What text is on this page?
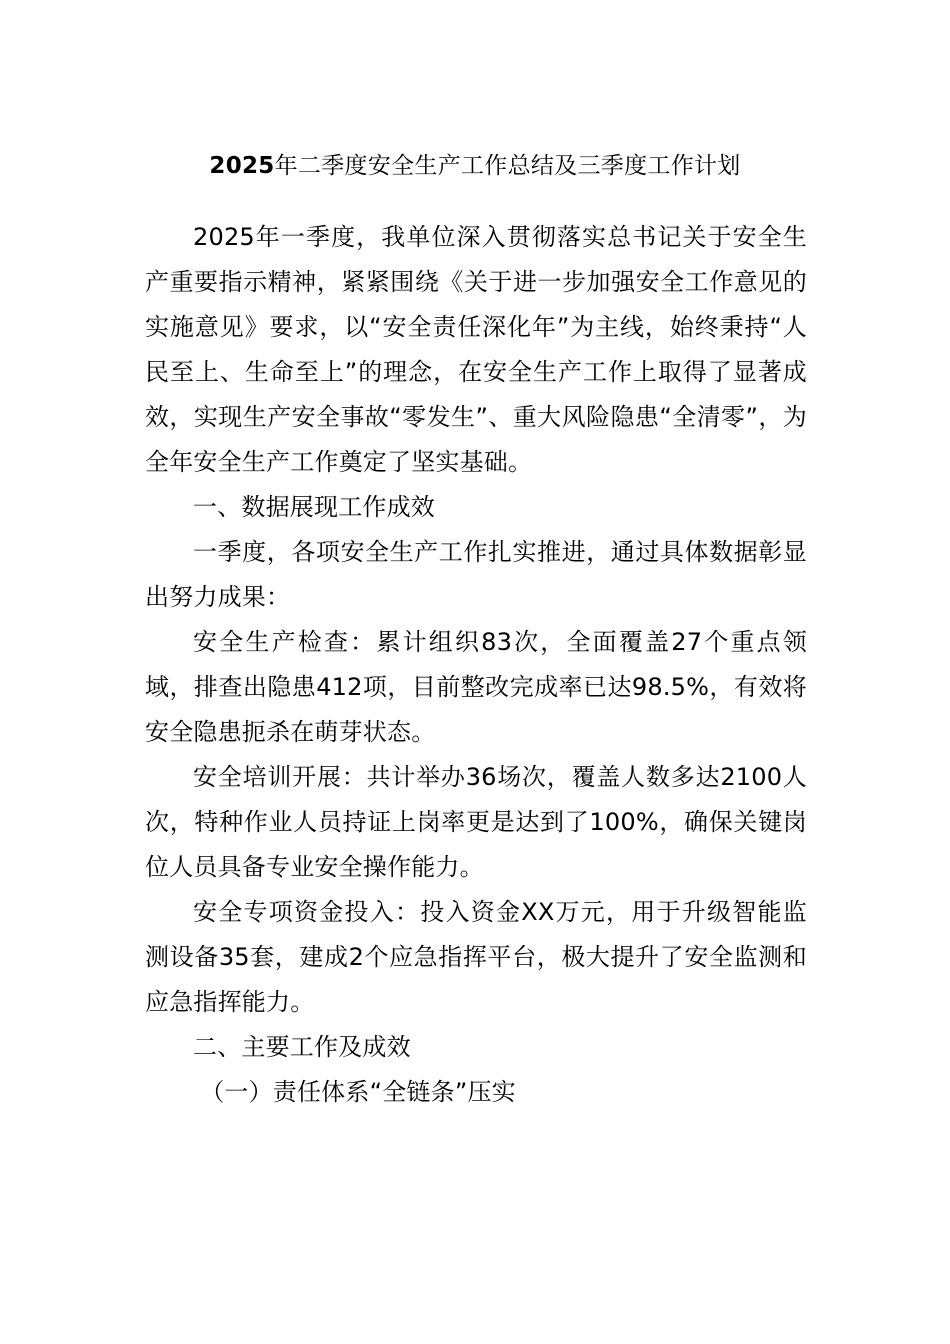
2025年二季度安全生产工作总结及三季度工作计划

2025年一季度，我单位深入贯彻落实总书记关于安全生产重要指示精神，紧紧围绕《关于进一步加强安全工作意见的实施意见》要求，以“安全责任深化年”为主线，始终秉持“人民至上、生命至上”的理念，在安全生产工作上取得了显著成效，实现生产安全事故“零发生”、重大风险隐患“全清零”，为全年安全生产工作奠定了坚实基础。

一、数据展现工作成效

一季度，各项安全生产工作扎实推进，通过具体数据彰显出努力成果：

安全生产检查：累计组织83次，全面覆盖27个重点领域，排查出隐患412项，目前整改完成率已达98.5%，有效将安全隐患扼杀在萌芽状态。

安全培训开展：共计举办36场次，覆盖人数多达2100人次，特种作业人员持证上岗率更是达到了100%，确保关键岗位人员具备专业安全操作能力。

安全专项资金投入：投入资金XX万元，用于升级智能监测设备35套，建成2个应急指挥平台，极大提升了安全监测和应急指挥能力。

二、主要工作及成效

（一）责任体系“全链条”压实
